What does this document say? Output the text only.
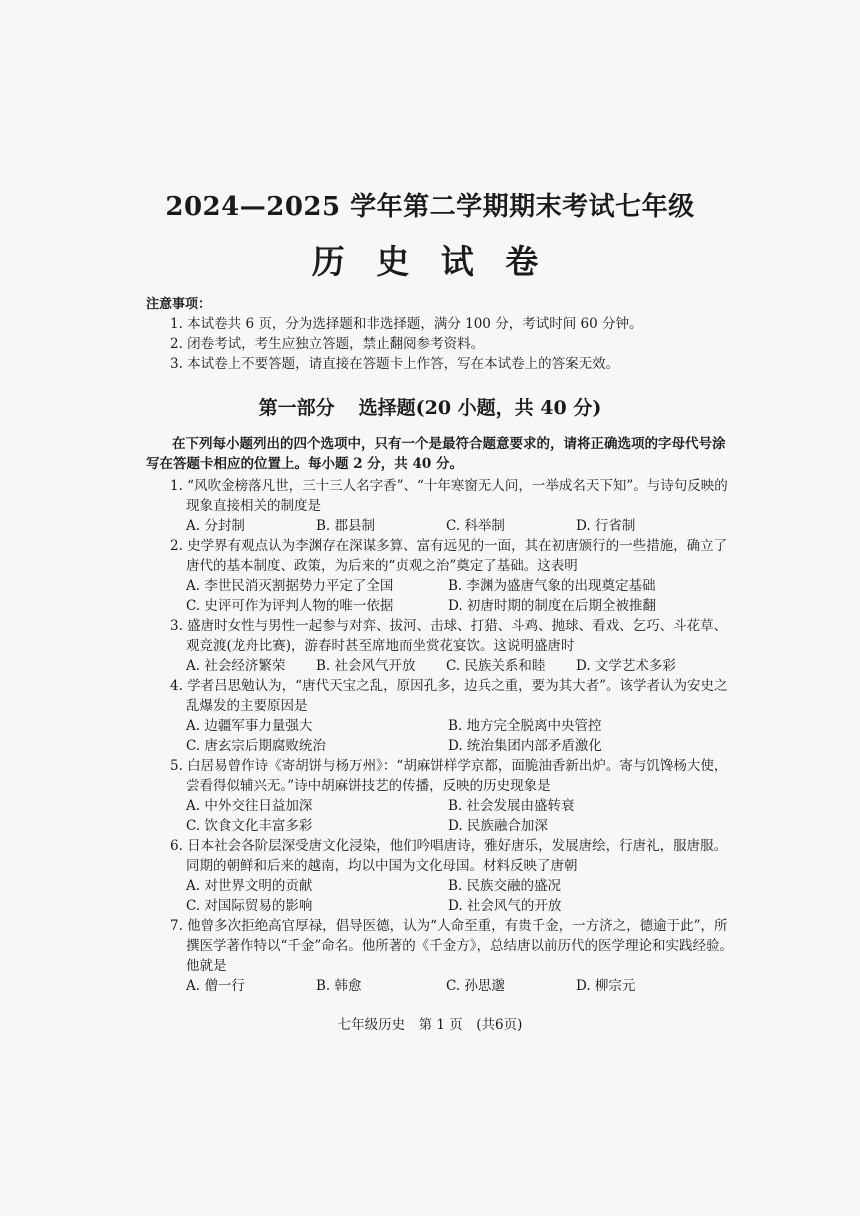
2024—2025 学年第二学期期末考试七年级
历 史 试 卷
注意事项：
1. 本试卷共 6 页，分为选择题和非选择题，满分 100 分，考试时间 60 分钟。
2. 闭卷考试，考生应独立答题，禁止翻阅参考资料。
3. 本试卷上不要答题，请直接在答题卡上作答，写在本试卷上的答案无效。
第一部分 选择题(20 小题，共 40 分)
在下列每小题列出的四个选项中，只有一个是最符合题意要求的，请将正确选项的字母代号涂写在答题卡相应的位置上。每小题 2 分，共 40 分。
1. “风吹金榜落凡世，三十三人名字香”、“十年寒窗无人问，一举成名天下知”。与诗句反映的现象直接相关的制度是
A. 分封制	B. 郡县制	C. 科举制	D. 行省制
2. 史学界有观点认为李渊存在深谋多算、富有远见的一面，其在初唐颁行的一些措施，确立了唐代的基本制度、政策，为后来的“贞观之治”奠定了基础。这表明
A. 李世民消灭割据势力平定了全国	B. 李渊为盛唐气象的出现奠定基础
C. 史评可作为评判人物的唯一依据	D. 初唐时期的制度在后期全被推翻
3. 盛唐时女性与男性一起参与对弈、拔河、击球、打猎、斗鸡、抛球、看戏、乞巧、斗花草、观竞渡(龙舟比赛)，游春时甚至席地而坐赏花宴饮。这说明盛唐时
A. 社会经济繁荣	B. 社会风气开放	C. 民族关系和睦	D. 文学艺术多彩
4. 学者吕思勉认为，“唐代天宝之乱，原因孔多，边兵之重，要为其大者”。该学者认为安史之乱爆发的主要原因是
A. 边疆军事力量强大	B. 地方完全脱离中央管控
C. 唐玄宗后期腐败统治	D. 统治集团内部矛盾激化
5. 白居易曾作诗《寄胡饼与杨万州》：“胡麻饼样学京都，面脆油香新出炉。寄与饥馋杨大使，尝看得似辅兴无。”诗中胡麻饼技艺的传播，反映的历史现象是
A. 中外交往日益加深	B. 社会发展由盛转衰
C. 饮食文化丰富多彩	D. 民族融合加深
6. 日本社会各阶层深受唐文化浸染，他们吟唱唐诗，雅好唐乐，发展唐绘，行唐礼，服唐服。同期的朝鲜和后来的越南，均以中国为文化母国。材料反映了唐朝
A. 对世界文明的贡献	B. 民族交融的盛况
C. 对国际贸易的影响	D. 社会风气的开放
7. 他曾多次拒绝高官厚禄，倡导医德，认为“人命至重，有贵千金，一方济之，德逾于此”，所撰医学著作特以“千金”命名。他所著的《千金方》，总结唐以前历代的医学理论和实践经验。他就是
A. 僧一行	B. 韩愈	C. 孙思邈	D. 柳宗元
七年级历史　第 1 页　(共6页)
